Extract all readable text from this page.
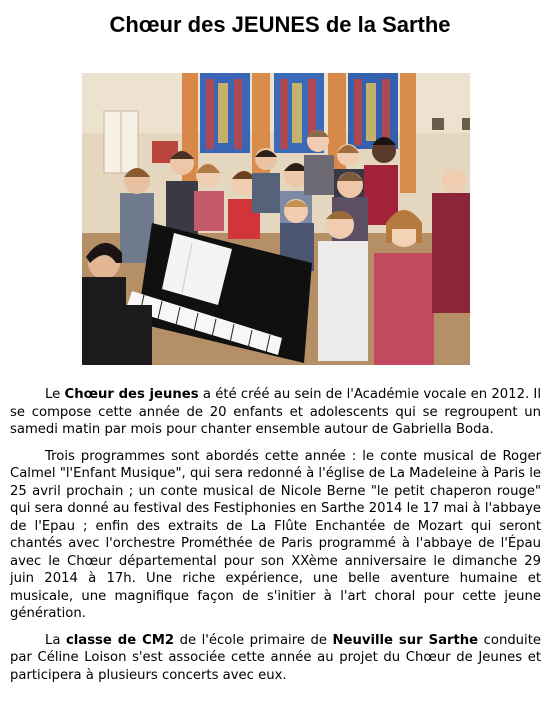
Chœur des JEUNES de la Sarthe

Le Chœur des jeunes a été créé au sein de l'Académie vocale en 2012. Il se compose cette année de 20 enfants et adolescents qui se regroupent un samedi matin par mois pour chanter ensemble autour de Gabriella Boda.

Trois programmes sont abordés cette année : le conte musical de Roger Calmel "l'Enfant Musique", qui sera redonné à l'église de La Madeleine à Paris le 25 avril prochain ; un conte musical de Nicole Berne "le petit chaperon rouge" qui sera donné au festival des Festiphonies en Sarthe 2014 le 17 mai à l'abbaye de l'Epau ; enfin des extraits de La Flûte Enchantée de Mozart qui seront chantés avec l'orchestre Prométhée de Paris programmé à l'abbaye de l'Épau avec le Chœur départemental pour son XXème anniversaire le dimanche 29 juin 2014 à 17h. Une riche expérience, une belle aventure humaine et musicale, une magnifique façon de s'initier à l'art choral pour cette jeune génération.

La classe de CM2 de l'école primaire de Neuville sur Sarthe conduite par Céline Loison s'est associée cette année au projet du Chœur de Jeunes et participera à plusieurs concerts avec eux.
